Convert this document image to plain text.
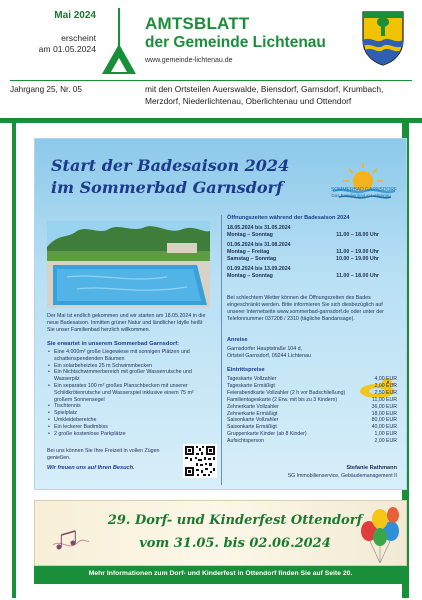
Mai 2024
erscheint
am 01.05.2024
AMTSBLATT
der Gemeinde Lichtenau
www.gemeinde-lichtenau.de
Jahrgang 25, Nr. 05	mit den Ortsteilen Auerswalde, Biensdorf, Garnsdorf, Krumbach, Merzdorf, Niederlichtenau, Oberlichtenau und Ottendorf
Start der Badesaison 2024
im Sommerbad Garnsdorf	SOMMERBAD GARNSDORF
Das Familienbad in Lichtenau
Der Mai ist endlich gekommen und wir starten am 18.05.2024 in die neue Badesaison. Inmitten grüner Natur und ländlicher Idylle heißt Sie unser Familienbad herzlich willkommen.
Sie erwartet in unserem Sommerbad Garnsdorf:
• Eine 4.000m² große Liegewiese mit sonnigen Plätzen und schattenspendenden Bäumen
• Ein solarbeheiztes 25 m Schwimmbecken
• Ein Nichtschwimmerbereich mit großer Wasserrutsche und Wasserpilz
• Ein separates 100 m² großes Planschbecken mit unserer Schildkrötenrutsche und Wasserspiel inklusive einem 75 m² großem Sonnensegel
• Tischtennis
• Spielplatz
• Umkleidebereiche
• Ein leckerer Badimbiss
• 2 große kostenlose Parkplätze
Bei uns können Sie Ihre Freizeit in vollen Zügen genießen.
Wir freuen uns auf Ihren Besuch.
Öffnungszeiten während der Badesaison 2024
18.05.2024 bis 31.05.2024
Montag – Sonntag	11.00 – 18.00 Uhr
01.06.2024 bis 31.08.2024
Montag – Freitag	11.00 – 19.00 Uhr
Samstag – Sonntag	10.00 – 19.00 Uhr
01.09.2024 bis 13.09.2024
Montag – Sonntag	11.00 – 18.00 Uhr
Bei schlechtem Wetter können die Öffnungszeiten des Bades eingeschränkt werden. Bitte informieren Sie sich diesbezüglich auf unserer Internetseite www.sommerbad-garnsdorf.de oder unter der Telefonnummer 037208 / 2310 (tägliche Bandansage).
Anreise
Garnsdorfer Hauptstraße 104 d,
Ortsteil Garnsdorf, 09244 Lichtenau
Eintrittspreise
Tageskarte Vollzahler	4,00 EUR
Tageskarte Ermäßigt	2,00 EUR
Feierabendkarte Vollzahler (2 h vor Badschließung)	2,50 EUR
Familientageskarte (2 Erw. mit bis zu 3 Kindern)	11,00 EUR
Zehnerkarte Vollzahler	36,00 EUR
Zehnerkarte Ermäßigt	18,00 EUR
Saisonkarte Vollzahler	80,00 EUR
Saisonkarte Ermäßigt	40,00 EUR
Gruppenkarte Kinder (ab 8 Kinder)	1,00 EUR
Aufsichtsperson	2,00 EUR
Stefanie Rathmann
SG Immobilienservice, Gebäudemanagement II
29. Dorf- und Kinderfest Ottendorf
vom 31.05. bis 02.06.2024
Mehr Informationen zum Dorf- und Kinderfest in Ottendorf finden Sie auf Seite 20.
